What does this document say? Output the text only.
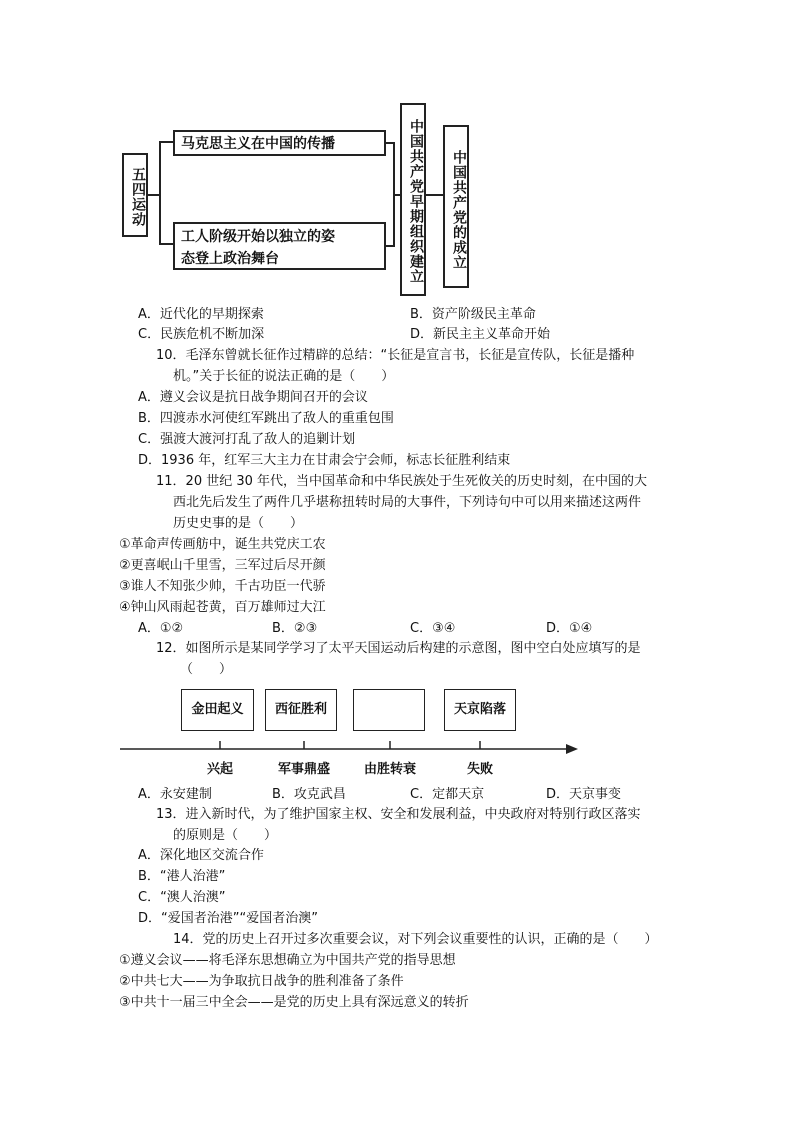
五四运动
马克思主义在中国的传播
工人阶级开始以独立的姿
态登上政治舞台	中国共产党早期组织建立	中国共产党的成立
A．近代化的早期探索	B．资产阶级民主革命
C．民族危机不断加深	D．新民主主义革命开始
10．毛泽东曾就长征作过精辟的总结：“长征是宣言书，长征是宣传队，长征是播种
机。”关于长征的说法正确的是（　　）
A．遵义会议是抗日战争期间召开的会议
B．四渡赤水河使红军跳出了敌人的重重包围
C．强渡大渡河打乱了敌人的追剿计划
D．1936 年，红军三大主力在甘肃会宁会师，标志长征胜利结束
11．20 世纪 30 年代，当中国革命和中华民族处于生死攸关的历史时刻，在中国的大
西北先后发生了两件几乎堪称扭转时局的大事件，下列诗句中可以用来描述这两件
历史史事的是（　　）
①革命声传画舫中，诞生共党庆工农
②更喜岷山千里雪，三军过后尽开颜
③谁人不知张少帅，千古功臣一代骄
④钟山风雨起苍黄，百万雄师过大江
A．①②	B．②③	C．③④	D．①④
12．如图所示是某同学学习了太平天国运动后构建的示意图，图中空白处应填写的是
（　　）
金田起义	西征胜利	天京陷落
兴起	军事鼎盛	由胜转衰	失败
A．永安建制	B．攻克武昌	C．定都天京	D．天京事变
13．进入新时代，为了维护国家主权、安全和发展利益，中央政府对特别行政区落实
的原则是（　　）
A．深化地区交流合作
B．“港人治港”
C．“澳人治澳”
D．“爱国者治港”“爱国者治澳”
14．党的历史上召开过多次重要会议，对下列会议重要性的认识，正确的是（　　）
①遵义会议——将毛泽东思想确立为中国共产党的指导思想
②中共七大——为争取抗日战争的胜利准备了条件
③中共十一届三中全会——是党的历史上具有深远意义的转折
